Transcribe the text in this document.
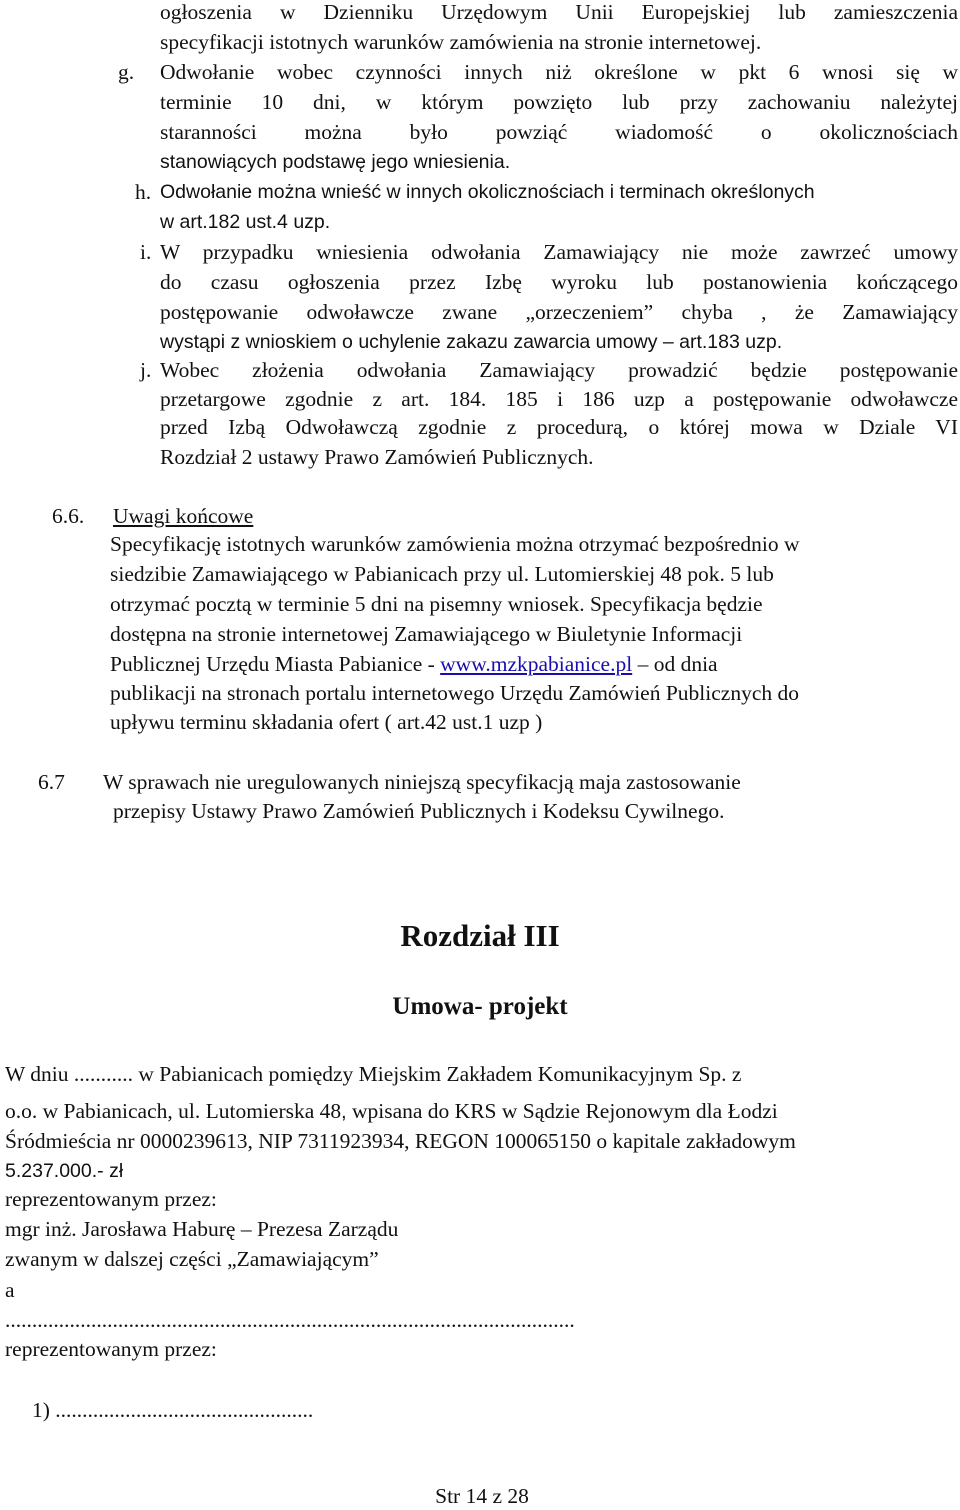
ogłoszenia w Dzienniku Urzędowym Unii Europejskiej lub zamieszczenia
specyfikacji istotnych warunków zamówienia na stronie internetowej.
g. Odwołanie wobec czynności innych niż określone w pkt 6 wnosi się w
terminie 10 dni, w którym powzięto lub przy zachowaniu należytej
staranności można było powziąć wiadomość o okolicznościach
stanowiących podstawę jego wniesienia.
h. Odwołanie można wnieść w innych okolicznościach i terminach określonych
w art.182 ust.4 uzp.
i. W przypadku wniesienia odwołania Zamawiający nie może zawrzeć umowy
do czasu ogłoszenia przez Izbę wyroku lub postanowienia kończącego
postępowanie odwoławcze zwane „orzeczeniem” chyba , że Zamawiający
wystąpi z wnioskiem o uchylenie zakazu zawarcia umowy – art.183 uzp.
j. Wobec złożenia odwołania Zamawiający prowadzić będzie postępowanie
przetargowe zgodnie z art. 184. 185 i 186 uzp a postępowanie odwoławcze
przed Izbą Odwoławczą zgodnie z procedurą, o której mowa w Dziale VI
Rozdział 2 ustawy Prawo Zamówień Publicznych.
6.6. Uwagi końcowe
Specyfikację istotnych warunków zamówienia można otrzymać bezpośrednio w
siedzibie Zamawiającego w Pabianicach przy ul. Lutomierskiej 48 pok. 5 lub
otrzymać pocztą w terminie 5 dni na pisemny wniosek. Specyfikacja będzie
dostępna na stronie internetowej Zamawiającego w Biuletynie Informacji
Publicznej Urzędu Miasta Pabianice - www.mzkpabianice.pl – od dnia
publikacji na stronach portalu internetowego Urzędu Zamówień Publicznych do
upływu terminu składania ofert ( art.42 ust.1 uzp )
6.7 W sprawach nie uregulowanych niniejszą specyfikacją maja zastosowanie
przepisy Ustawy Prawo Zamówień Publicznych i Kodeksu Cywilnego.
Rozdział III
Umowa- projekt
W dniu ........... w Pabianicach pomiędzy Miejskim Zakładem Komunikacyjnym Sp. z
o.o. w Pabianicach, ul. Lutomierska 48, wpisana do KRS w Sądzie Rejonowym dla Łodzi
Śródmieścia nr 0000239613, NIP 7311923934, REGON 100065150 o kapitale zakładowym
5.237.000.- zł
reprezentowanym przez:
mgr inż. Jarosława Haburę – Prezesa Zarządu
zwanym w dalszej części „Zamawiającym”
a
..........................................................................................................
reprezentowanym przez:
1) ................................................
Str 14 z 28
